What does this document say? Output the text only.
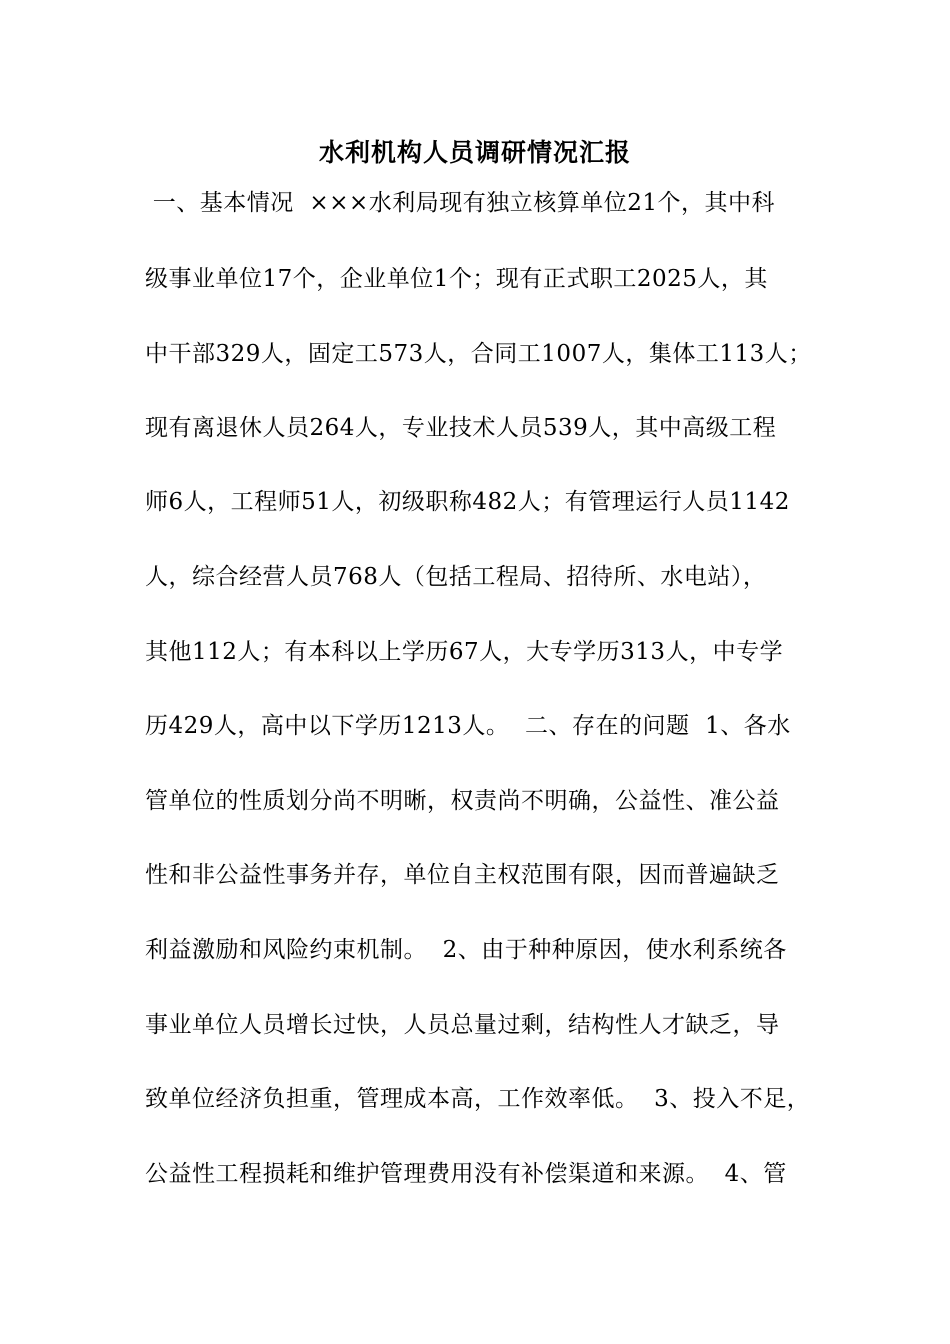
水利机构人员调研情况汇报
一、基本情况  ×××水利局现有独立核算单位21个，其中科
级事业单位17个，企业单位1个；现有正式职工2025人，其
中干部329人，固定工573人，合同工1007人，集体工113人；
现有离退休人员264人，专业技术人员539人，其中高级工程
师6人，工程师51人，初级职称482人；有管理运行人员1142
人，综合经营人员768人（包括工程局、招待所、水电站），
其他112人；有本科以上学历67人，大专学历313人，中专学
历429人，高中以下学历1213人。  二、存在的问题  1、各水
管单位的性质划分尚不明晰，权责尚不明确，公益性、准公益
性和非公益性事务并存，单位自主权范围有限，因而普遍缺乏
利益激励和风险约束机制。  2、由于种种原因，使水利系统各
事业单位人员增长过快，人员总量过剩，结构性人才缺乏，导
致单位经济负担重，管理成本高，工作效率低。  3、投入不足，
公益性工程损耗和维护管理费用没有补偿渠道和来源。  4、管
